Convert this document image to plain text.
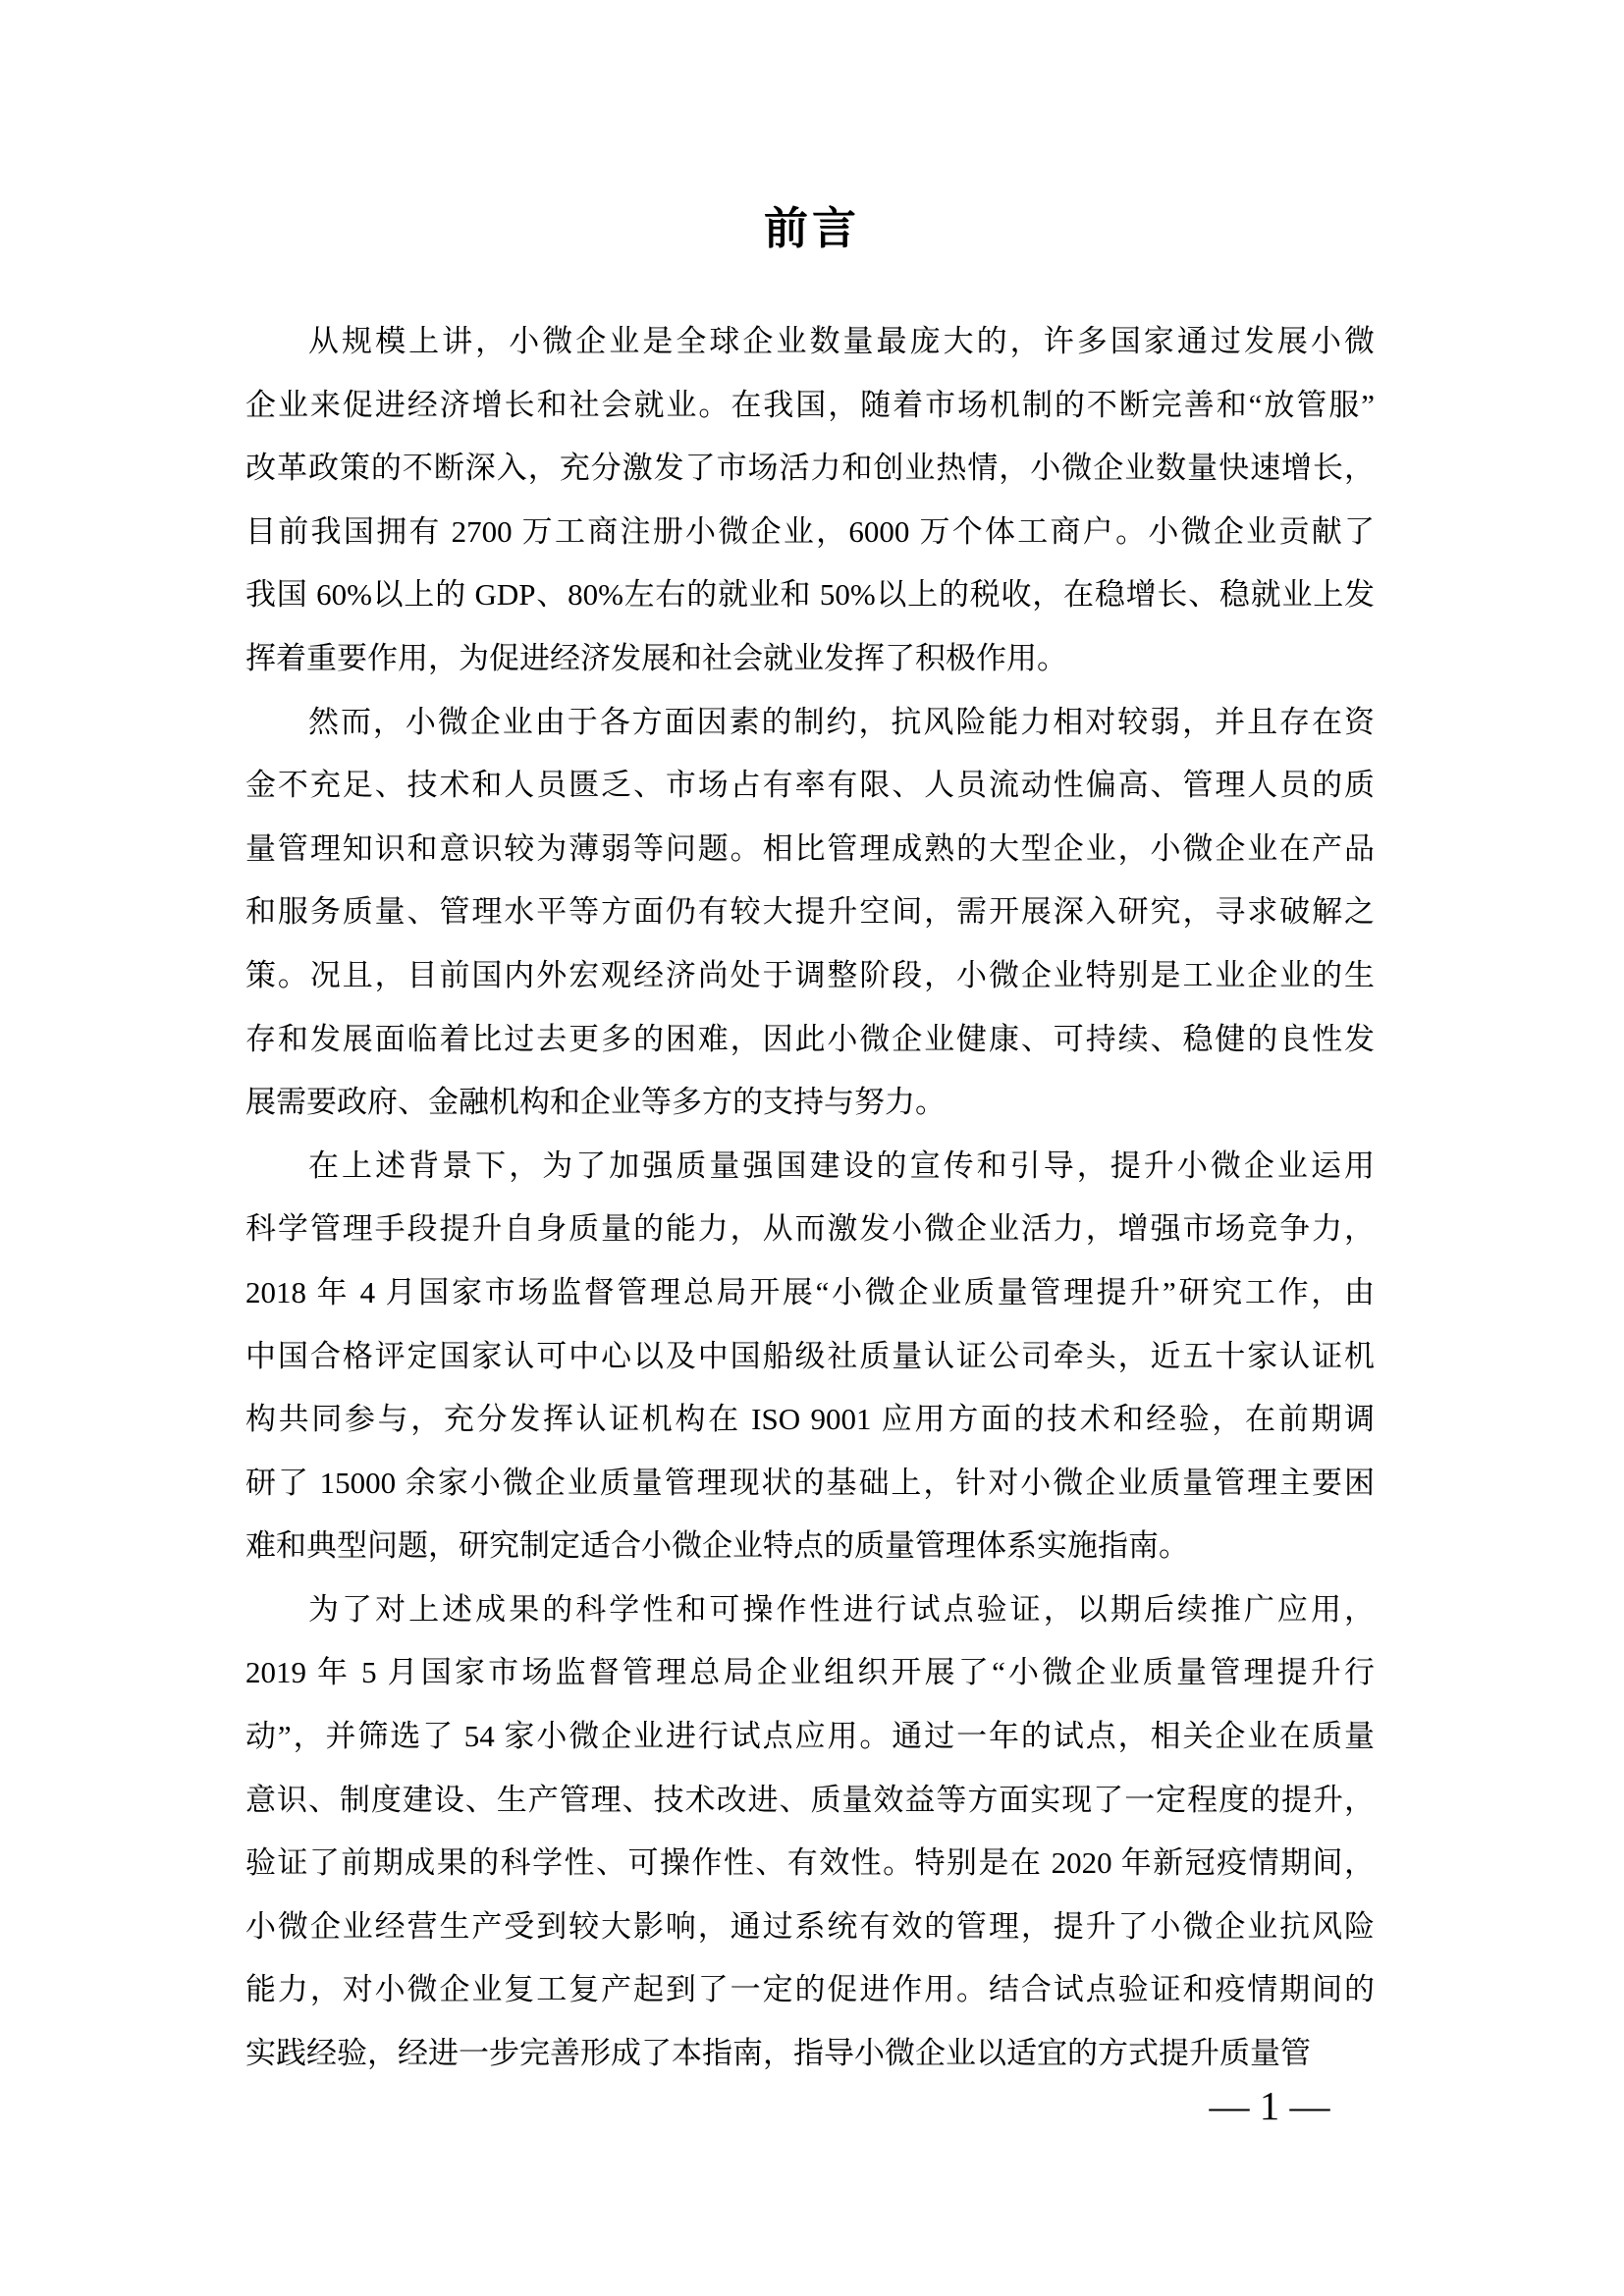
前言
从规模上讲，小微企业是全球企业数量最庞大的，许多国家通过发展小微
企业来促进经济增长和社会就业。在我国，随着市场机制的不断完善和“放管服”
改革政策的不断深入，充分激发了市场活力和创业热情，小微企业数量快速增长，
目前我国拥有 2700 万工商注册小微企业，6000 万个体工商户。小微企业贡献了
我国 60%以上的 GDP、80%左右的就业和 50%以上的税收，在稳增长、稳就业上发
挥着重要作用，为促进经济发展和社会就业发挥了积极作用。
然而，小微企业由于各方面因素的制约，抗风险能力相对较弱，并且存在资
金不充足、技术和人员匮乏、市场占有率有限、人员流动性偏高、管理人员的质
量管理知识和意识较为薄弱等问题。相比管理成熟的大型企业，小微企业在产品
和服务质量、管理水平等方面仍有较大提升空间，需开展深入研究，寻求破解之
策。况且，目前国内外宏观经济尚处于调整阶段，小微企业特别是工业企业的生
存和发展面临着比过去更多的困难，因此小微企业健康、可持续、稳健的良性发
展需要政府、金融机构和企业等多方的支持与努力。
在上述背景下，为了加强质量强国建设的宣传和引导，提升小微企业运用
科学管理手段提升自身质量的能力，从而激发小微企业活力，增强市场竞争力，
2018 年 4 月国家市场监督管理总局开展“小微企业质量管理提升”研究工作，由
中国合格评定国家认可中心以及中国船级社质量认证公司牵头，近五十家认证机
构共同参与，充分发挥认证机构在 ISO 9001 应用方面的技术和经验，在前期调
研了 15000 余家小微企业质量管理现状的基础上，针对小微企业质量管理主要困
难和典型问题，研究制定适合小微企业特点的质量管理体系实施指南。
为了对上述成果的科学性和可操作性进行试点验证，以期后续推广应用，
2019 年 5 月国家市场监督管理总局企业组织开展了“小微企业质量管理提升行
动”，并筛选了 54 家小微企业进行试点应用。通过一年的试点，相关企业在质量
意识、制度建设、生产管理、技术改进、质量效益等方面实现了一定程度的提升，
验证了前期成果的科学性、可操作性、有效性。特别是在 2020 年新冠疫情期间，
小微企业经营生产受到较大影响，通过系统有效的管理，提升了小微企业抗风险
能力，对小微企业复工复产起到了一定的促进作用。结合试点验证和疫情期间的
实践经验，经进一步完善形成了本指南，指导小微企业以适宜的方式提升质量管
— 1 —
